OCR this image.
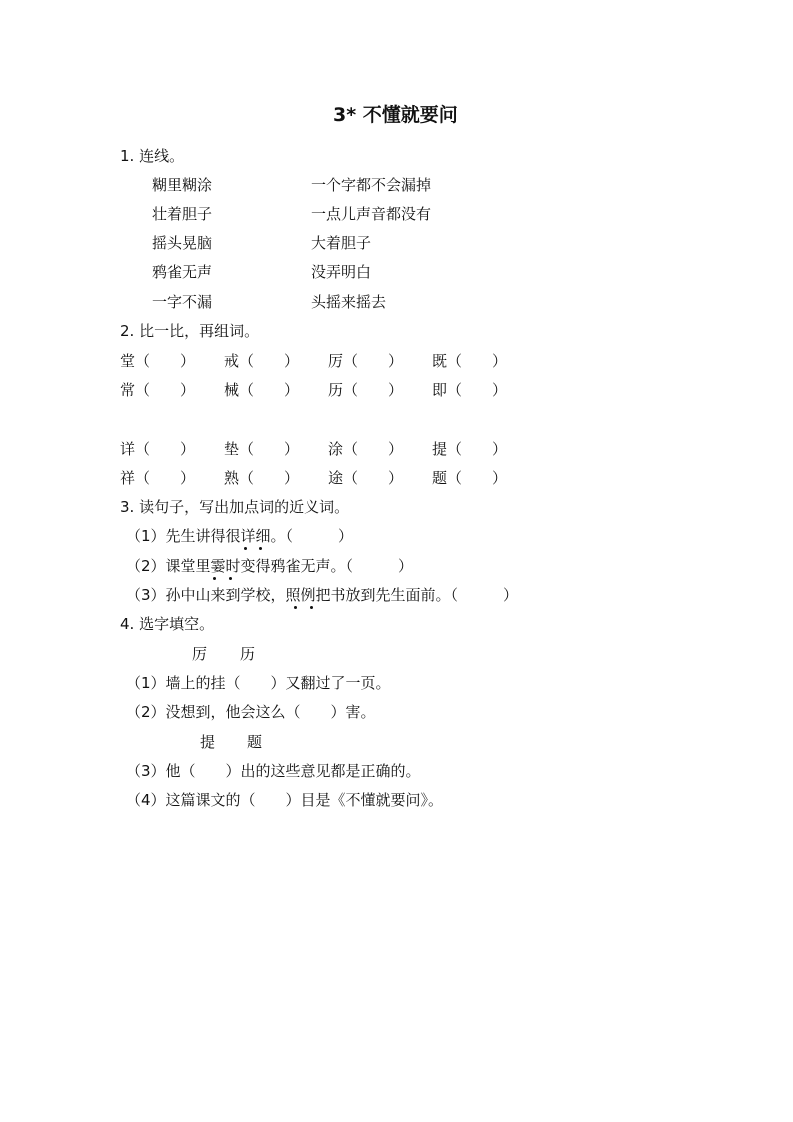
3* 不懂就要问
1. 连线。
糊里糊涂
壮着胆子
摇头晃脑
鸦雀无声
一字不漏
一个字都不会漏掉
一点儿声音都没有
大着胆子
没弄明白
头摇来摇去
2. 比一比，再组词。
堂（　　） 戒（　　） 厉（　　） 既（　　）
常（　　） 械（　　） 历（　　） 即（　　）
详（　　） 垫（　　） 涂（　　） 提（　　）
祥（　　） 熟（　　） 途（　　） 题（　　）
3. 读句子，写出加点词的近义词。
（1）先生讲得很详细。（　　　）
（2）课堂里霎时变得鸦雀无声。（　　　）
（3）孙中山来到学校，照例把书放到先生面前。（　　　）
4. 选字填空。
厉 历
（1）墙上的挂（　　）又翻过了一页。
（2）没想到，他会这么（　　）害。
提 题
（3）他（　　）出的这些意见都是正确的。
（4）这篇课文的（　　）目是《不懂就要问》。
